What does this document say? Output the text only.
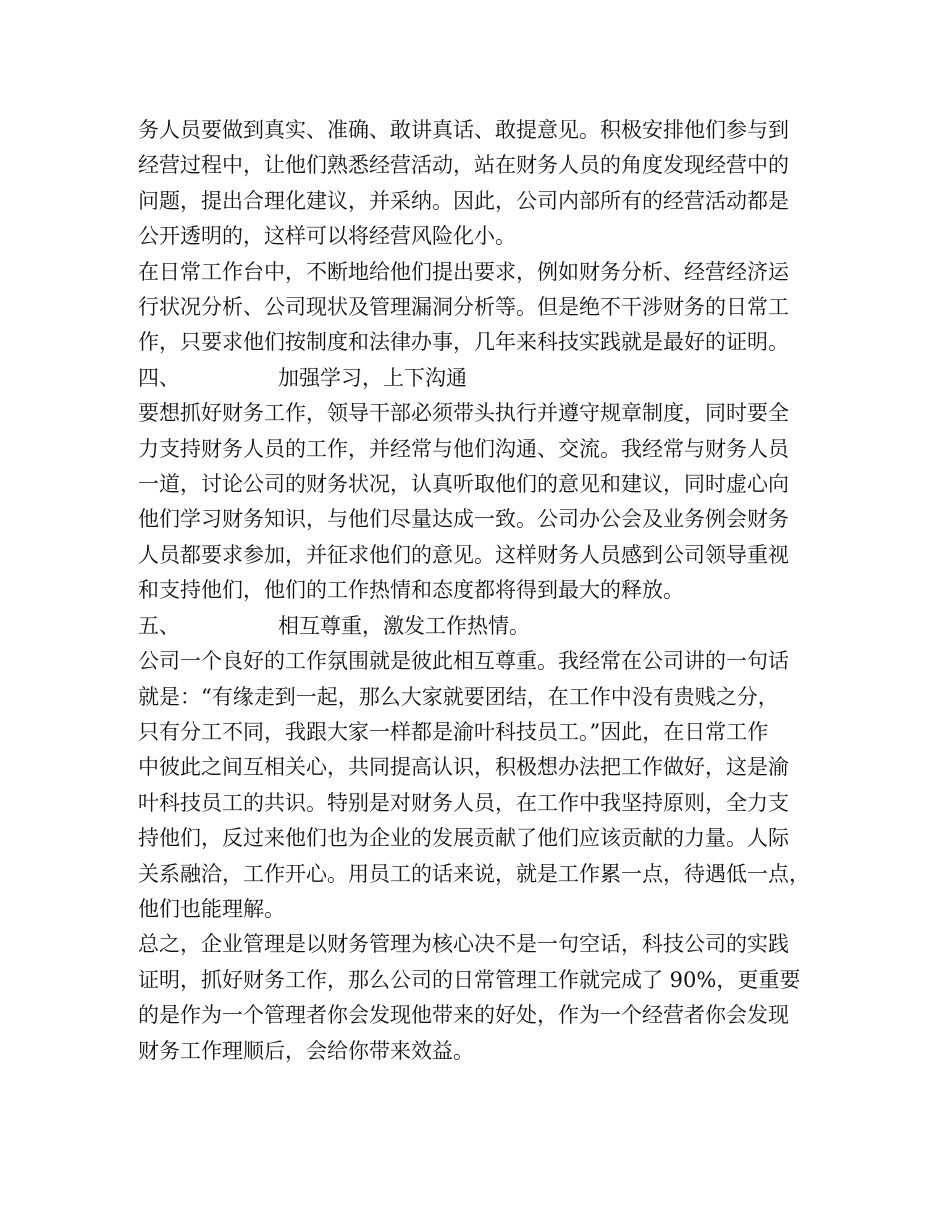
务人员要做到真实、准确、敢讲真话、敢提意见。积极安排他们参与到
经营过程中，让他们熟悉经营活动，站在财务人员的角度发现经营中的
问题，提出合理化建议，并采纳。因此，公司内部所有的经营活动都是
公开透明的，这样可以将经营风险化小。

在日常工作台中，不断地给他们提出要求，例如财务分析、经营经济运
行状况分析、公司现状及管理漏洞分析等。但是绝不干涉财务的日常工
作，只要求他们按制度和法律办事，几年来科技实践就是最好的证明。

四、	加强学习，上下沟通

要想抓好财务工作，领导干部必须带头执行并遵守规章制度，同时要全
力支持财务人员的工作，并经常与他们沟通、交流。我经常与财务人员
一道，讨论公司的财务状况，认真听取他们的意见和建议，同时虚心向
他们学习财务知识，与他们尽量达成一致。公司办公会及业务例会财务
人员都要求参加，并征求他们的意见。这样财务人员感到公司领导重视
和支持他们，他们的工作热情和态度都将得到最大的释放。

五、	相互尊重，激发工作热情。

公司一个良好的工作氛围就是彼此相互尊重。我经常在公司讲的一句话
就是：“有缘走到一起，那么大家就要团结，在工作中没有贵贱之分，
只有分工不同，我跟大家一样都是渝叶科技员工。”因此，在日常工作
中彼此之间互相关心，共同提高认识，积极想办法把工作做好，这是渝
叶科技员工的共识。特别是对财务人员，在工作中我坚持原则，全力支
持他们，反过来他们也为企业的发展贡献了他们应该贡献的力量。人际
关系融洽，工作开心。用员工的话来说，就是工作累一点，待遇低一点，
他们也能理解。

总之，企业管理是以财务管理为核心决不是一句空话，科技公司的实践
证明，抓好财务工作，那么公司的日常管理工作就完成了 90%，更重要
的是作为一个管理者你会发现他带来的好处，作为一个经营者你会发现
财务工作理顺后，会给你带来效益。
